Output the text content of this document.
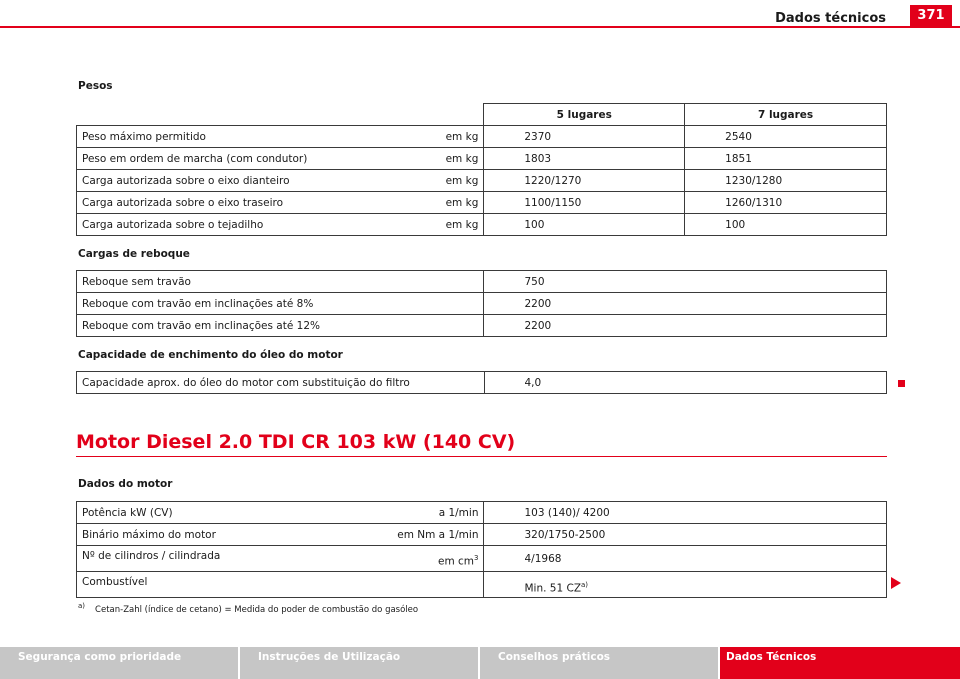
Dados técnicos	371
Pesos
	5 lugares	7 lugares

Peso máximo permitido em kg	2370	2540

Peso em ordem de marcha (com condutor) em kg	1803	1851

Carga autorizada sobre o eixo dianteiro em kg	1220/1270	1230/1280

Carga autorizada sobre o eixo traseiro em kg	1100/1150	1260/1310

Carga autorizada sobre o tejadilho em kg	100	100
Cargas de reboque
Reboque sem travão	750
Reboque com travão em inclinações até 8%	2200
Reboque com travão em inclinações até 12%	2200
Capacidade de enchimento do óleo do motor
Capacidade aprox. do óleo do motor com substituição do filtro	4,0
Motor Diesel 2.0 TDI CR 103 kW (140 CV)
Dados do motor
Potência kW (CV) a 1/min	103 (140)/ 4200

Binário máximo do motor em Nm a 1/min	320/1750-2500

Nº de cilindros / cilindrada em $cm^3$	4/1968
Combustível	Min. 51 CZ$^{a)}$
$^{a)}$ Cetan-Zahl (índice de cetano) = Medida do poder de combustão do gasóleo
Segurança como prioridade	Instruções de Utilização	Conselhos práticos	Dados Técnicos
